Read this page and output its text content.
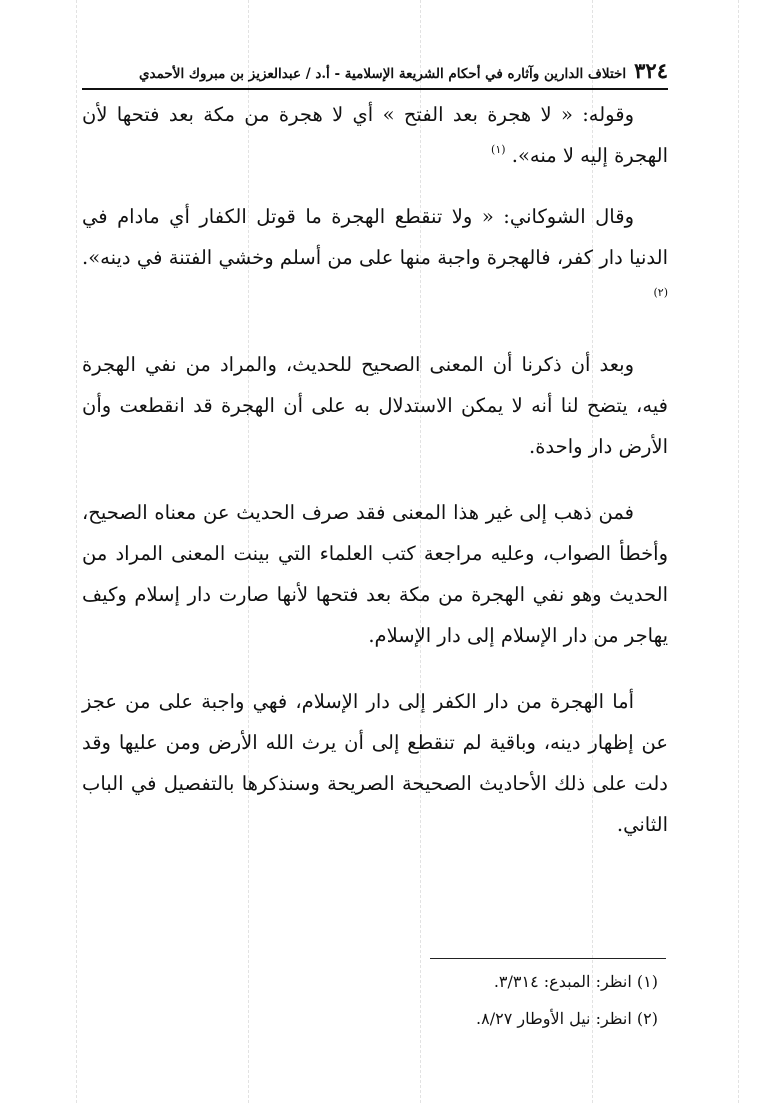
٣٢٤
اختلاف الدارين وآثاره في أحكام الشريعة الإسلامية - أ.د / عبدالعزيز بن مبروك الأحمدي

وقوله: « لا هجرة بعد الفتح » أي لا هجرة من مكة بعد فتحها لأن الهجرة إليه لا منه». $^{(١)}$

وقال الشوكاني: « ولا تنقطع الهجرة ما قوتل الكفار أي مادام في الدنيا دار كفر، فالهجرة واجبة منها على من أسلم وخشي الفتنة في دينه». $^{(٢)}$

وبعد أن ذكرنا أن المعنى الصحيح للحديث، والمراد من نفي الهجرة فيه، يتضح لنا أنه لا يمكن الاستدلال به على أن الهجرة قد انقطعت وأن الأرض دار واحدة.

فمن ذهب إلى غير هذا المعنى فقد صرف الحديث عن معناه الصحيح، وأخطأ الصواب، وعليه مراجعة كتب العلماء التي بينت المعنى المراد من الحديث وهو نفي الهجرة من مكة بعد فتحها لأنها صارت دار إسلام وكيف يهاجر من دار الإسلام إلى دار الإسلام.

أما الهجرة من دار الكفر إلى دار الإسلام، فهي واجبة على من عجز عن إظهار دينه، وباقية لم تنقطع إلى أن يرث الله الأرض ومن عليها وقد دلت على ذلك الأحاديث الصحيحة الصريحة وسنذكرها بالتفصيل في الباب الثاني.

(١) انظر: المبدع: ٣/٣١٤.

(٢) انظر: نيل الأوطار ٨/٢٧.
